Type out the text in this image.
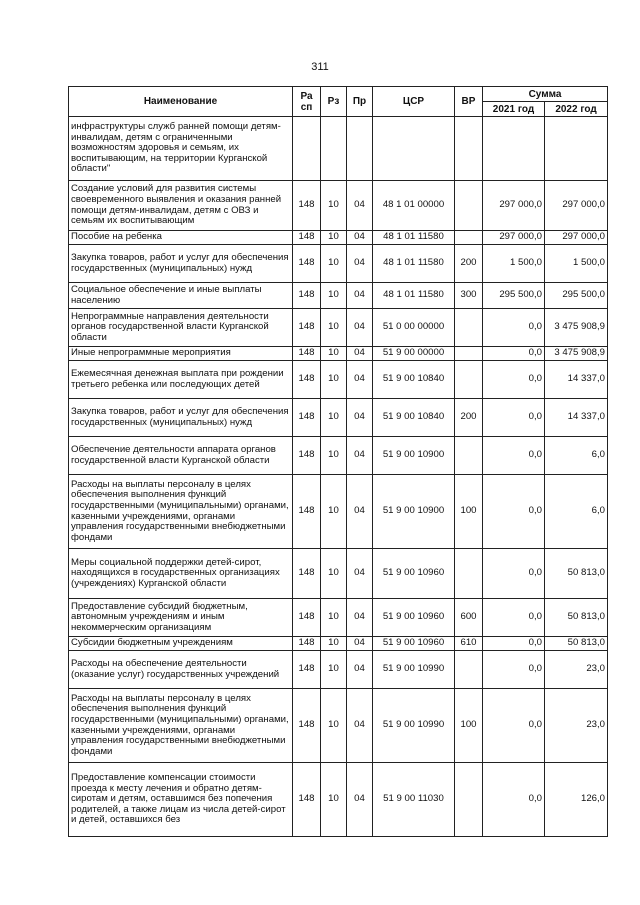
311
Наименование	Ра сп	Рз	Пр	ЦСР	ВР	Сумма	
						2021 год	2022 год
инфраструктуры служб ранней помощи детям-инвалидам, детям с ограниченными возможностям здоровья и семьям, их воспитывающим, на территории Курганской области"							
Создание условий для развития системы своевременного выявления и оказания ранней помощи детям-инвалидам, детям с ОВЗ и семьям их воспитывающим	148	10	04	48 1 01 00000		297 000,0	297 000,0
Пособие на ребенка	148	10	04	48 1 01 11580		297 000,0	297 000,0
Закупка товаров, работ и услуг для обеспечения государственных (муниципальных) нужд	148	10	04	48 1 01 11580	200	1 500,0	1 500,0
Социальное обеспечение и иные выплаты населению	148	10	04	48 1 01 11580	300	295 500,0	295 500,0
Непрограммные направления деятельности органов государственной власти Курганской области	148	10	04	51 0 00 00000		0,0	3 475 908,9
Иные непрограммные мероприятия	148	10	04	51 9 00 00000		0,0	3 475 908,9
Ежемесячная денежная выплата при рождении третьего ребенка или последующих детей	148	10	04	51 9 00 10840		0,0	14 337,0
Закупка товаров, работ и услуг для обеспечения государственных (муниципальных) нужд	148	10	04	51 9 00 10840	200	0,0	14 337,0
Обеспечение деятельности аппарата органов государственной власти Курганской области	148	10	04	51 9 00 10900		0,0	6,0
Расходы на выплаты персоналу в целях обеспечения выполнения функций государственными (муниципальными) органами, казенными учреждениями, органами управления государственными внебюджетными фондами	148	10	04	51 9 00 10900	100	0,0	6,0
Меры социальной поддержки детей-сирот, находящихся в государственных организациях (учреждениях) Курганской области	148	10	04	51 9 00 10960		0,0	50 813,0
Предоставление субсидий бюджетным, автономным учреждениям и иным некоммерческим организациям	148	10	04	51 9 00 10960	600	0,0	50 813,0
Субсидии бюджетным учреждениям	148	10	04	51 9 00 10960	610	0,0	50 813,0
Расходы на обеспечение деятельности (оказание услуг) государственных учреждений	148	10	04	51 9 00 10990		0,0	23,0
Расходы на выплаты персоналу в целях обеспечения выполнения функций государственными (муниципальными) органами, казенными учреждениями, органами управления государственными внебюджетными фондами	148	10	04	51 9 00 10990	100	0,0	23,0
Предоставление компенсации стоимости проезда к месту лечения и обратно детям-сиротам и детям, оставшимся без попечения родителей, а также лицам из числа детей-сирот и детей, оставшихся без	148	10	04	51 9 00 11030		0,0	126,0
